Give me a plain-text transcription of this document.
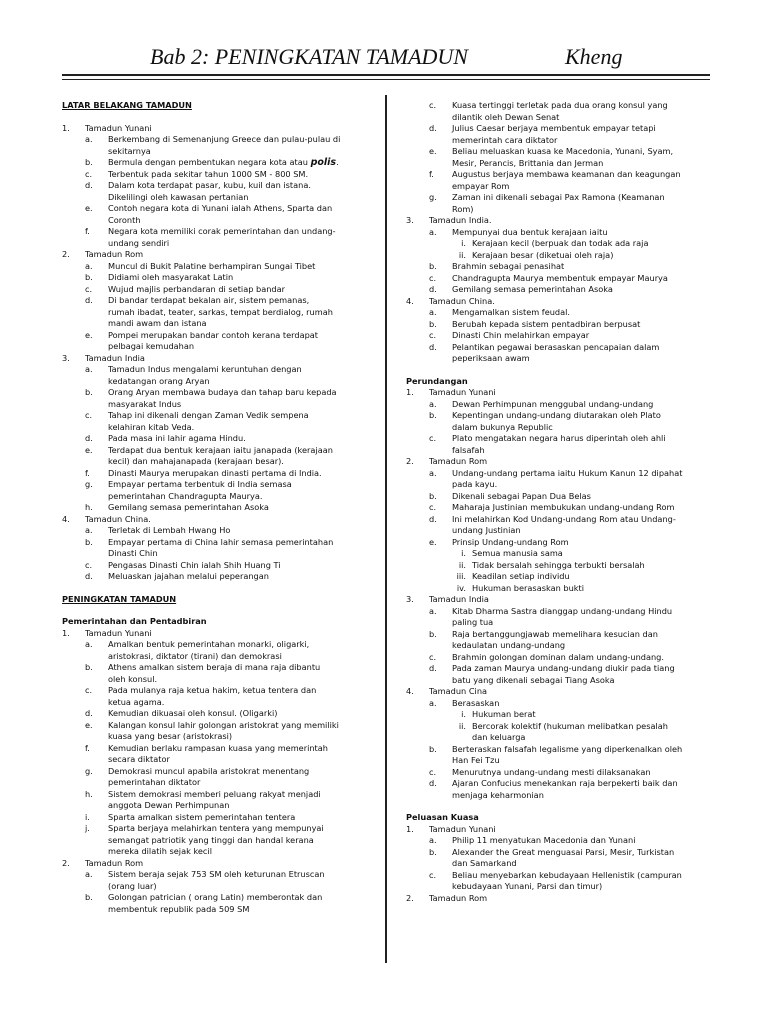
Bab 2: PENINGKATAN TAMADUN	Kheng
LATAR BELAKANG TAMADUN
1. Tamadun Yunani
a. Berkembang di Semenanjung Greece dan pulau-pulau di
sekitarnya
b. Bermula dengan pembentukan negara kota atau polis.
c. Terbentuk pada sekitar tahun 1000 SM - 800 SM.
d. Dalam kota terdapat pasar, kubu, kuil dan istana.
Dikelilingi oleh kawasan pertanian
e. Contoh negara kota di Yunani ialah Athens, Sparta dan
Coronth
f. Negara kota memiliki corak pemerintahan dan undang-
undang sendiri
2. Tamadun Rom
a. Muncul di Bukit Palatine berhampiran Sungai Tibet
b. Didiami oleh masyarakat Latin
c. Wujud majlis perbandaran di setiap bandar
d. Di bandar terdapat bekalan air, sistem pemanas,
rumah ibadat, teater, sarkas, tempat berdialog, rumah
mandi awam dan istana
e. Pompei merupakan bandar contoh kerana terdapat
pelbagai kemudahan
3. Tamadun India
a. Tamadun Indus mengalami keruntuhan dengan
kedatangan orang Aryan
b. Orang Aryan membawa budaya dan tahap baru kepada
masyarakat Indus
c. Tahap ini dikenali dengan Zaman Vedik sempena
kelahiran kitab Veda.
d. Pada masa ini lahir agama Hindu.
e. Terdapat dua bentuk kerajaan iaitu janapada (kerajaan
kecil) dan mahajanapada (kerajaan besar).
f. Dinasti Maurya merupakan dinasti pertama di India.
g. Empayar pertama terbentuk di India semasa
pemerintahan Chandragupta Maurya.
h. Gemilang semasa pemerintahan Asoka
4. Tamadun China.
a. Terletak di Lembah Hwang Ho
b. Empayar pertama di China lahir semasa pemerintahan
Dinasti Chin
c. Pengasas Dinasti Chin ialah Shih Huang Ti
d. Meluaskan jajahan melalui peperangan
PENINGKATAN TAMADUN
Pemerintahan dan Pentadbiran
1. Tamadun Yunani
a. Amalkan bentuk pemerintahan monarki, oligarki,
aristokrasi, diktator (tirani) dan demokrasi
b. Athens amalkan sistem beraja di mana raja dibantu
oleh konsul.
c. Pada mulanya raja ketua hakim, ketua tentera dan
ketua agama.
d. Kemudian dikuasai oleh konsul. (Oligarki)
e. Kalangan konsul lahir golongan aristokrat yang memiliki
kuasa yang besar (aristokrasi)
f. Kemudian berlaku rampasan kuasa yang memerintah
secara diktator
g. Demokrasi muncul apabila aristokrat menentang
pemerintahan diktator
h. Sistem demokrasi memberi peluang rakyat menjadi
anggota Dewan Perhimpunan
i. Sparta amalkan sistem pemerintahan tentera
j. Sparta berjaya melahirkan tentera yang mempunyai
semangat patriotik yang tinggi dan handal kerana
mereka dilatih sejak kecil
2. Tamadun Rom
a. Sistem beraja sejak 753 SM oleh keturunan Etruscan
(orang luar)
b. Golongan patrician ( orang Latin) memberontak dan
membentuk republik pada 509 SM
c. Kuasa tertinggi terletak pada dua orang konsul yang
dilantik oleh Dewan Senat
d. Julius Caesar berjaya membentuk empayar tetapi
memerintah cara diktator
e. Beliau meluaskan kuasa ke Macedonia, Yunani, Syam,
Mesir, Perancis, Brittania dan Jerman
f. Augustus berjaya membawa keamanan dan keagungan
empayar Rom
g. Zaman ini dikenali sebagai Pax Ramona (Keamanan
Rom)
3. Tamadun India.
a. Mempunyai dua bentuk kerajaan iaitu
i. Kerajaan kecil (berpuak dan todak ada raja
ii. Kerajaan besar (diketuai oleh raja)
b. Brahmin sebagai penasihat
c. Chandragupta Maurya membentuk empayar Maurya
d. Gemilang semasa pemerintahan Asoka
4. Tamadun China.
a. Mengamalkan sistem feudal.
b. Berubah kepada sistem pentadbiran berpusat
c. Dinasti Chin melahirkan empayar
d. Pelantikan pegawai berasaskan pencapaian dalam
peperiksaan awam
Perundangan
1. Tamadun Yunani
a. Dewan Perhimpunan menggubal undang-undang
b. Kepentingan undang-undang diutarakan oleh Plato
dalam bukunya Republic
c. Plato mengatakan negara harus diperintah oleh ahli
falsafah
2. Tamadun Rom
a. Undang-undang pertama iaitu Hukum Kanun 12 dipahat
pada kayu.
b. Dikenali sebagai Papan Dua Belas
c. Maharaja Justinian membukukan undang-undang Rom
d. Ini melahirkan Kod Undang-undang Rom atau Undang-
undang Justinian
e. Prinsip Undang-undang Rom
i. Semua manusia sama
ii. Tidak bersalah sehingga terbukti bersalah
iii. Keadilan setiap individu
iv. Hukuman berasaskan bukti
3. Tamadun India
a. Kitab Dharma Sastra dianggap undang-undang Hindu
paling tua
b. Raja bertanggungjawab memelihara kesucian dan
kedaulatan undang-undang
c. Brahmin golongan dominan dalam undang-undang.
d. Pada zaman Maurya undang-undang diukir pada tiang
batu yang dikenali sebagai Tiang Asoka
4. Tamadun Cina
a. Berasaskan
i. Hukuman berat
ii. Bercorak kolektif (hukuman melibatkan pesalah
dan keluarga
b. Berteraskan falsafah legalisme yang diperkenalkan oleh
Han Fei Tzu
c. Menurutnya undang-undang mesti dilaksanakan
d. Ajaran Confucius menekankan raja berpekerti baik dan
menjaga keharmonian
Peluasan Kuasa
1. Tamadun Yunani
a. Philip 11 menyatukan Macedonia dan Yunani
b. Alexander the Great menguasai Parsi, Mesir, Turkistan
dan Samarkand
c. Beliau menyebarkan kebudayaan Hellenistik (campuran
kebudayaan Yunani, Parsi dan timur)
2. Tamadun Rom
